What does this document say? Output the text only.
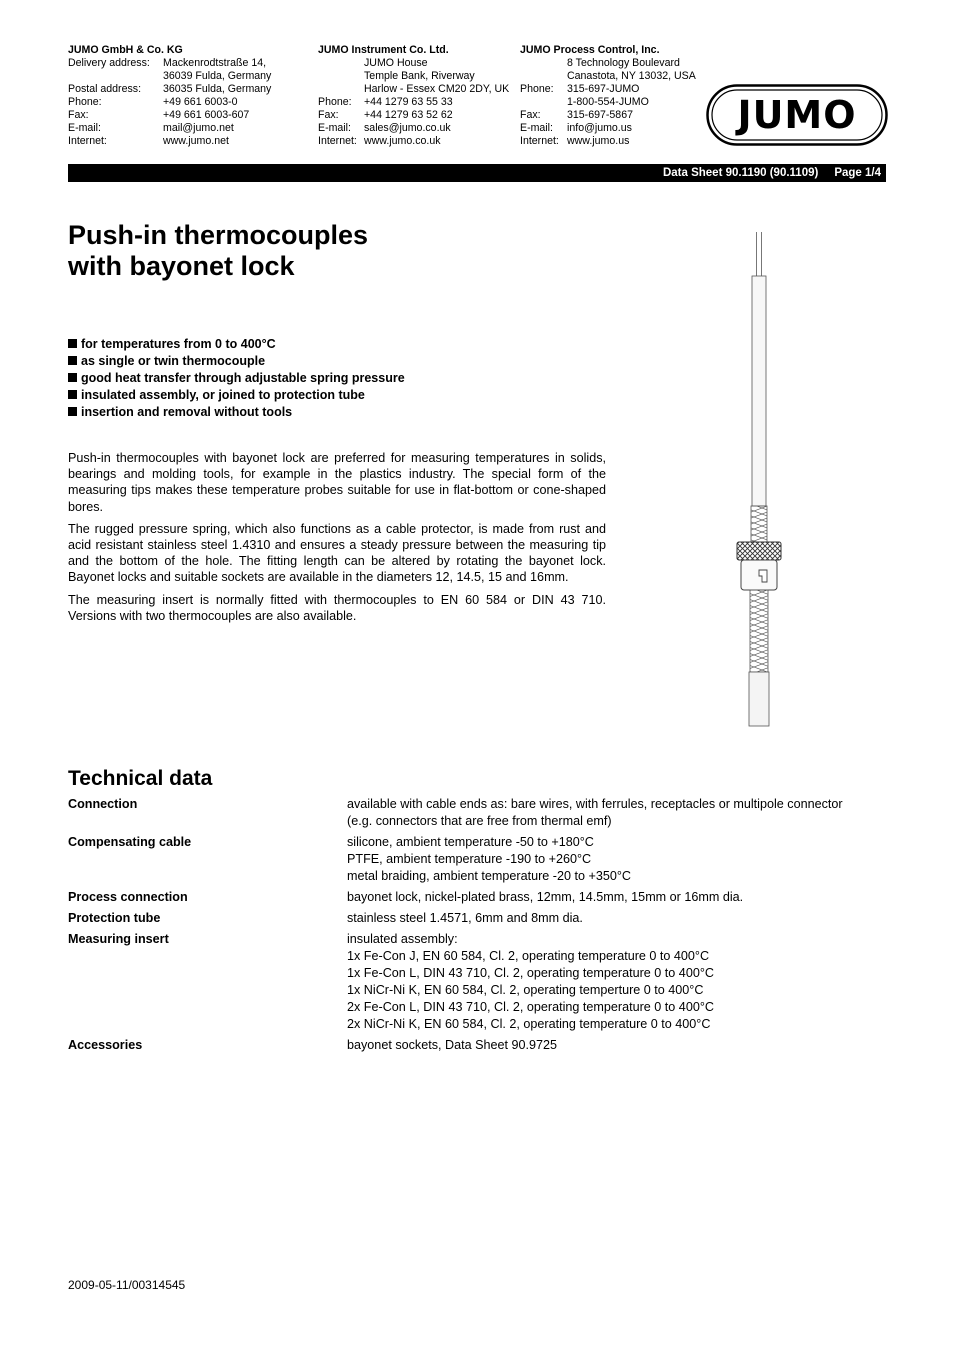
JUMO GmbH & Co. KG
Delivery address:	Mackenrodtstraße 14,
36039 Fulda, Germany
Postal address:	36035 Fulda, Germany
Phone:	+49 661 6003-0
Fax:	+49 661 6003-607
E-mail:	mail@jumo.net
Internet:	www.jumo.net
JUMO Instrument Co. Ltd.
JUMO House
Temple Bank, Riverway
Harlow - Essex CM20 2DY, UK
Phone:	+44 1279 63 55 33
Fax:	+44 1279 63 52 62
E-mail:	sales@jumo.co.uk
Internet: www.jumo.co.uk
JUMO Process Control, Inc.
8 Technology Boulevard
Canastota, NY 13032, USA
Phone:	315-697-JUMO
1-800-554-JUMO
Fax:	315-697-5867
E-mail:	info@jumo.us
Internet: www.jumo.us
JUMO
Data Sheet 90.1190 (90.1109) Page 1/4
Push-in thermocouples
with bayonet lock
for temperatures from 0 to 400°C
as single or twin thermocouple
good heat transfer through adjustable spring pressure
insulated assembly, or joined to protection tube
insertion and removal without tools

Push-in thermocouples with bayonet lock are preferred for measuring temperatures in solids, bearings and molding tools, for example in the plastics industry. The special form of the measuring tips makes these temperature probes suitable for use in flat-bottom or cone-shaped bores.

The rugged pressure spring, which also functions as a cable protector, is made from rust and acid resistant stainless steel 1.4310 and ensures a steady pressure between the measuring tip and the bottom of the hole. The fitting length can be altered by rotating the bayonet lock. Bayonet locks and suitable sockets are available in the diameters 12, 14.5, 15 and 16mm.

The measuring insert is normally fitted with thermocouples to EN 60 584 or DIN 43 710. Versions with two thermocouples are also available.

Technical data
Connection	available with cable ends as: bare wires, with ferrules, receptacles or multipole connector
(e.g. connectors that are free from thermal emf)
Compensating cable	silicone, ambient temperature -50 to +180°C
PTFE, ambient temperature -190 to +260°C
metal braiding, ambient temperature -20 to +350°C
Process connection	bayonet lock, nickel-plated brass, 12mm, 14.5mm, 15mm or 16mm dia.
Protection tube	stainless steel 1.4571, 6mm and 8mm dia.
Measuring insert	insulated assembly:
1x Fe-Con J, EN 60 584, Cl. 2, operating temperature 0 to 400°C
1x Fe-Con L, DIN 43 710, Cl. 2, operating temperature 0 to 400°C
1x NiCr-Ni K, EN 60 584, Cl. 2, operating temperture 0 to 400°C
2x Fe-Con L, DIN 43 710, Cl. 2, operating temperature 0 to 400°C
2x NiCr-Ni K, EN 60 584, Cl. 2, operating temperature 0 to 400°C
Accessories	bayonet sockets, Data Sheet 90.9725
2009-05-11/00314545
